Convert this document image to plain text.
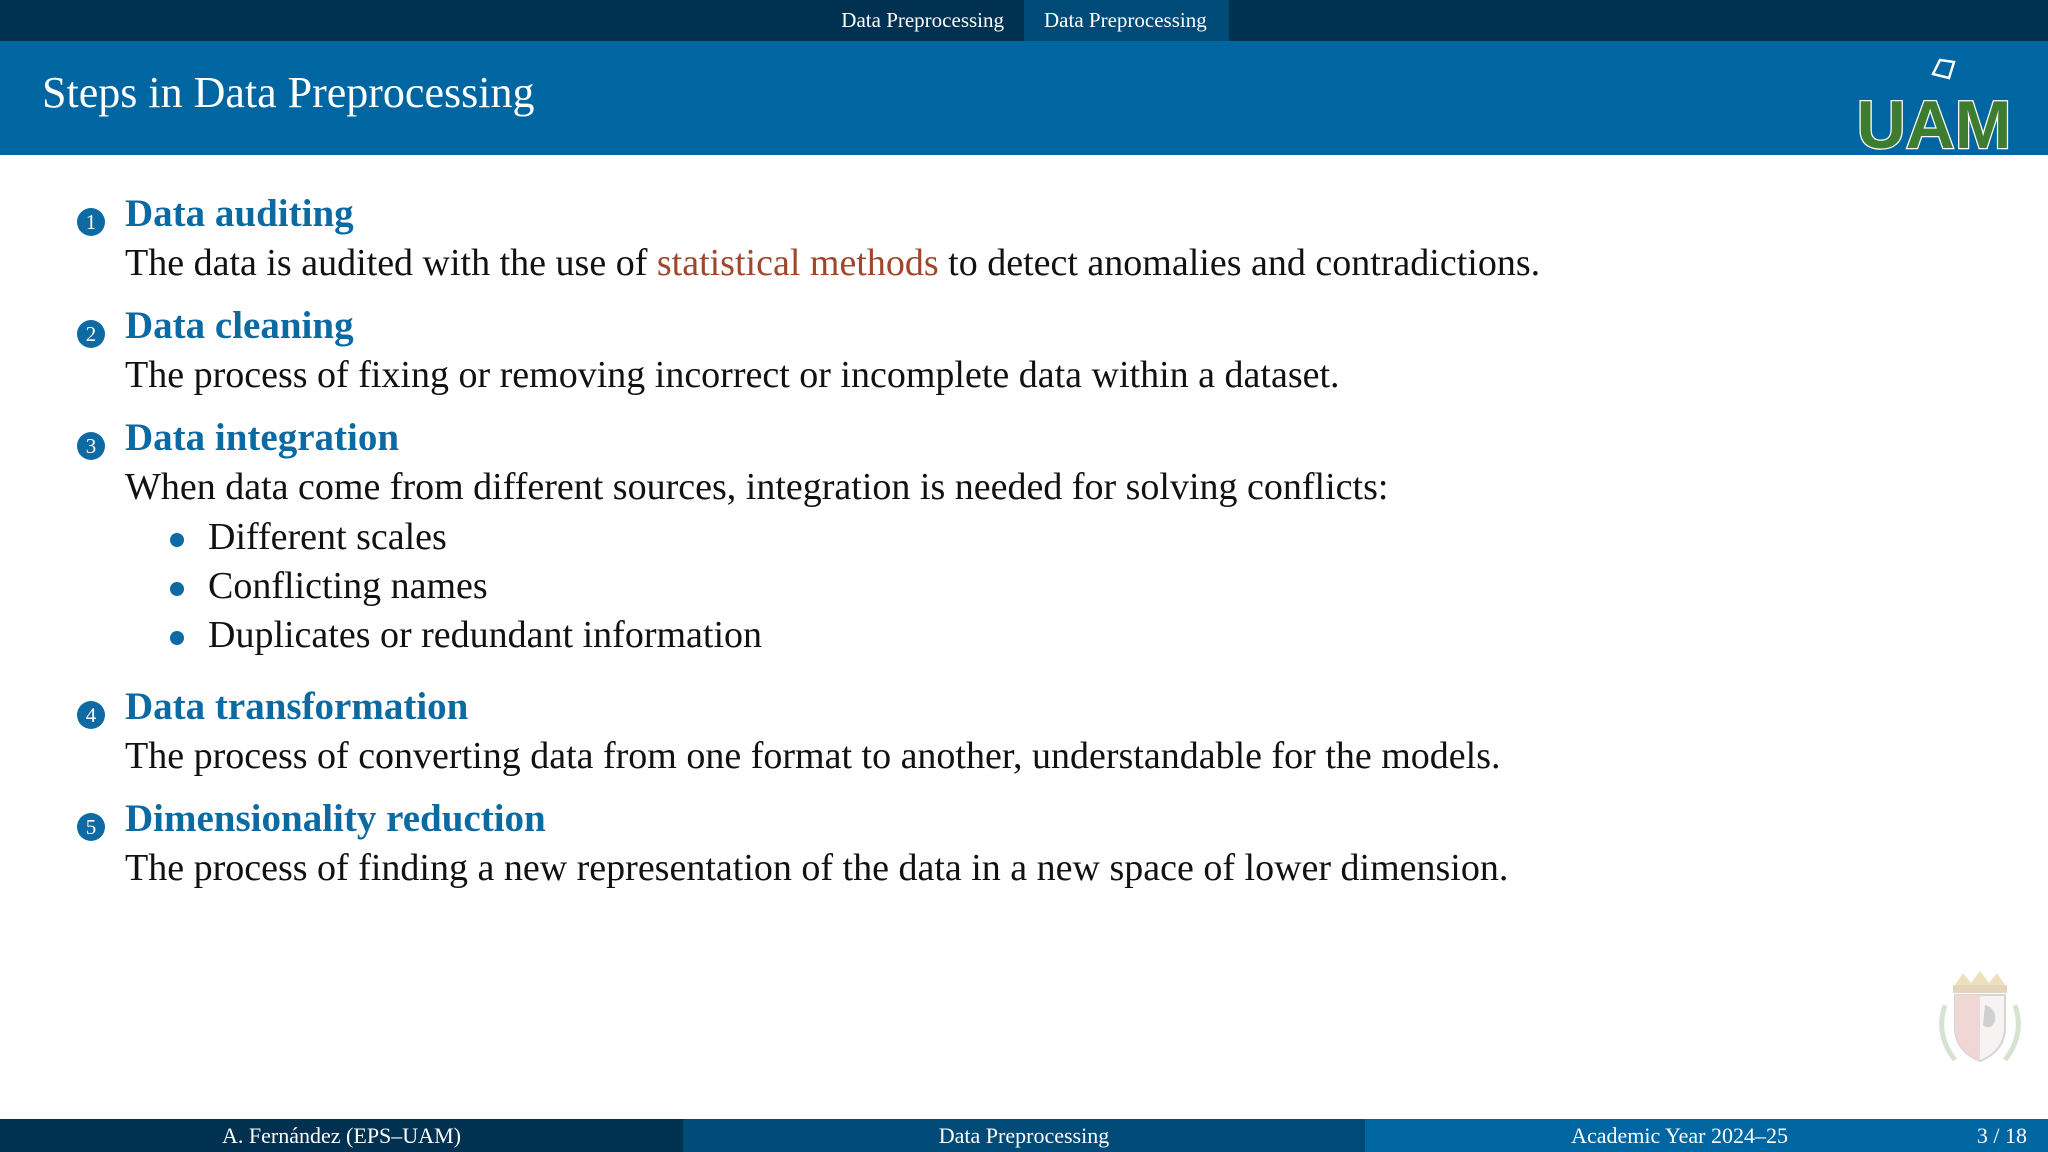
Data Preprocessing	Data Preprocessing
Steps in Data Preprocessing	UAM
1 Data auditing
The data is audited with the use of statistical methods to detect anomalies and contradictions.
2 Data cleaning
The process of fixing or removing incorrect or incomplete data within a dataset.
3 Data integration
When data come from different sources, integration is needed for solving conflicts:
Different scales
Conflicting names
Duplicates or redundant information
4 Data transformation
The process of converting data from one format to another, understandable for the models.
5 Dimensionality reduction
The process of finding a new representation of the data in a new space of lower dimension.
A. Fernández (EPS–UAM)	Data Preprocessing	Academic Year 2024–25	3 / 18
